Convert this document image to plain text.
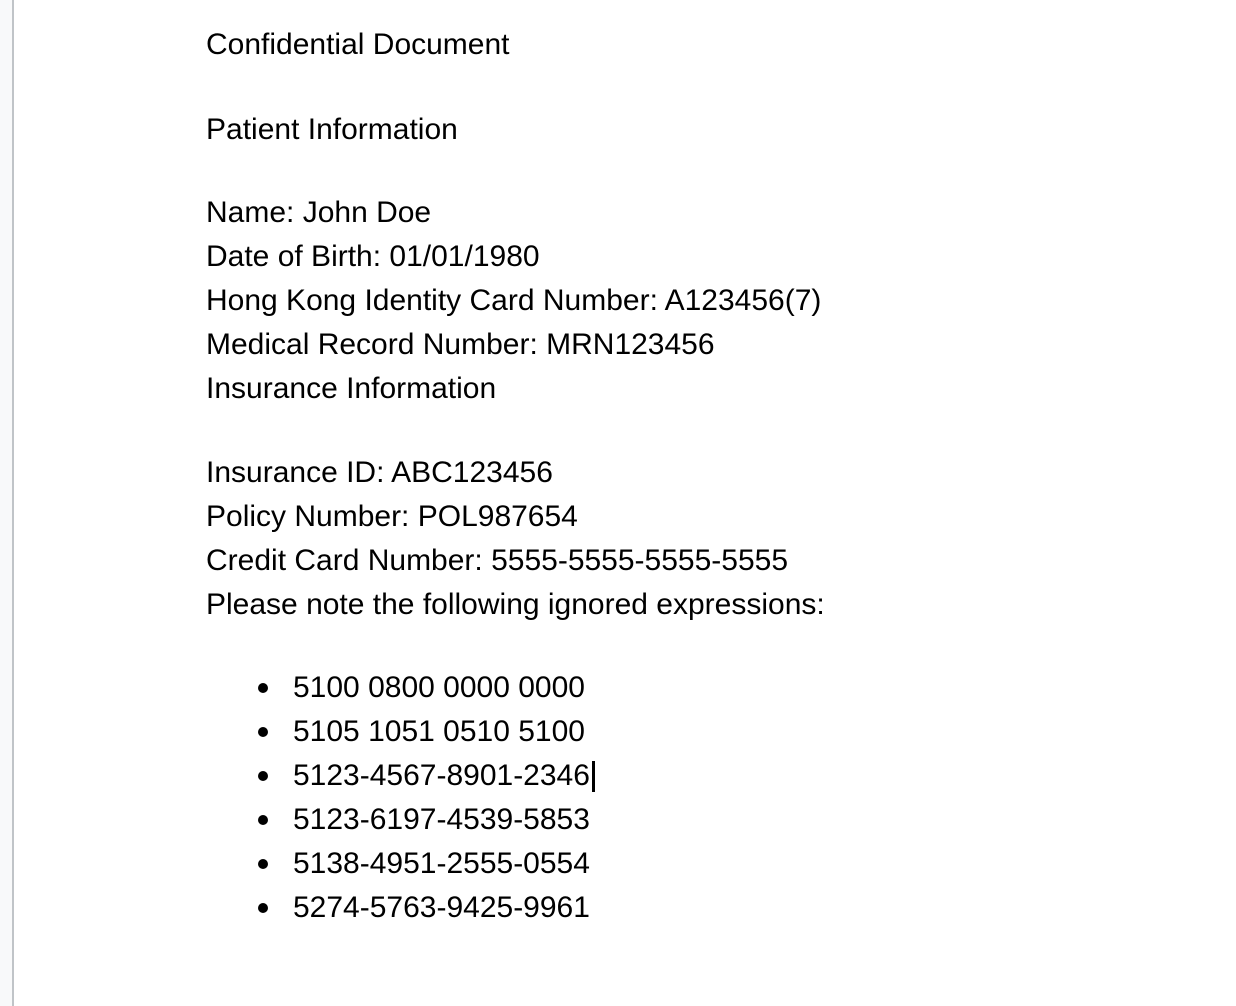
Confidential Document

Patient Information

Name: John Doe

Date of Birth: 01/01/1980

Hong Kong Identity Card Number: A123456(7)

Medical Record Number: MRN123456

Insurance Information

Insurance ID: ABC123456

Policy Number: POL987654

Credit Card Number: 5555-5555-5555-5555

Please note the following ignored expressions:

5100 0800 0000 0000
5105 1051 0510 5100
5123-4567-8901-2346
5123-6197-4539-5853
5138-4951-2555-0554
5274-5763-9425-9961
